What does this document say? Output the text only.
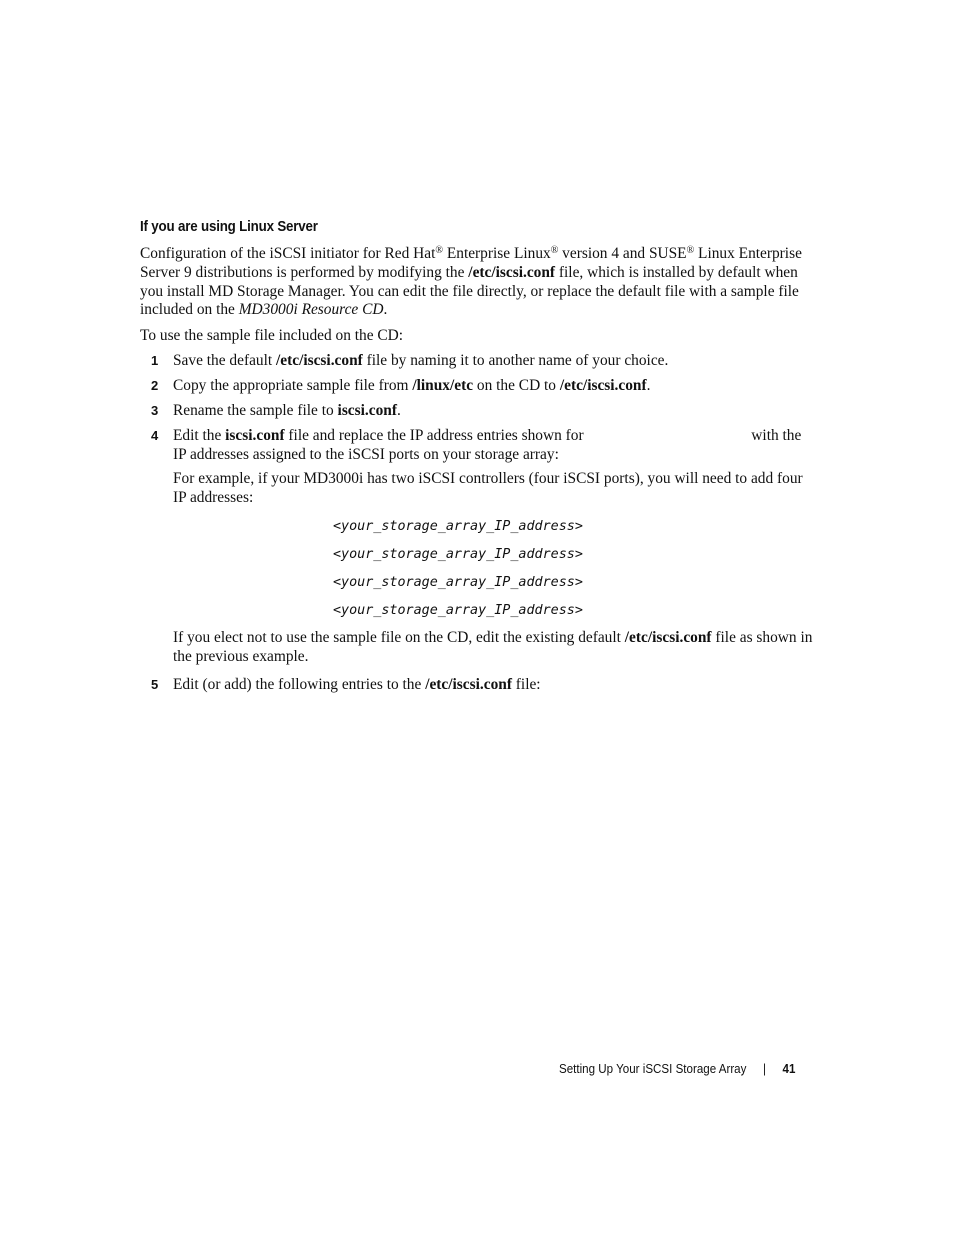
If you are using Linux Server
Configuration of the iSCSI initiator for Red Hat® Enterprise Linux® version 4 and SUSE® Linux Enterprise Server 9 distributions is performed by modifying the /etc/iscsi.conf file, which is installed by default when you install MD Storage Manager. You can edit the file directly, or replace the default file with a sample file included on the MD3000i Resource CD.
To use the sample file included on the CD:
1 Save the default /etc/iscsi.conf file by naming it to another name of your choice.
2 Copy the appropriate sample file from /linux/etc on the CD to /etc/iscsi.conf.
3 Rename the sample file to iscsi.conf.
4 Edit the iscsi.conf file and replace the IP address entries shown for	with the IP addresses assigned to the iSCSI ports on your storage array:
For example, if your MD3000i has two iSCSI controllers (four iSCSI ports), you will need to add four IP addresses:
<your_storage_array_IP_address>
<your_storage_array_IP_address>
<your_storage_array_IP_address>
<your_storage_array_IP_address>
If you elect not to use the sample file on the CD, edit the existing default /etc/iscsi.conf file as shown in the previous example.
5 Edit (or add) the following entries to the /etc/iscsi.conf file:
Setting Up Your iSCSI Storage Array | 41
